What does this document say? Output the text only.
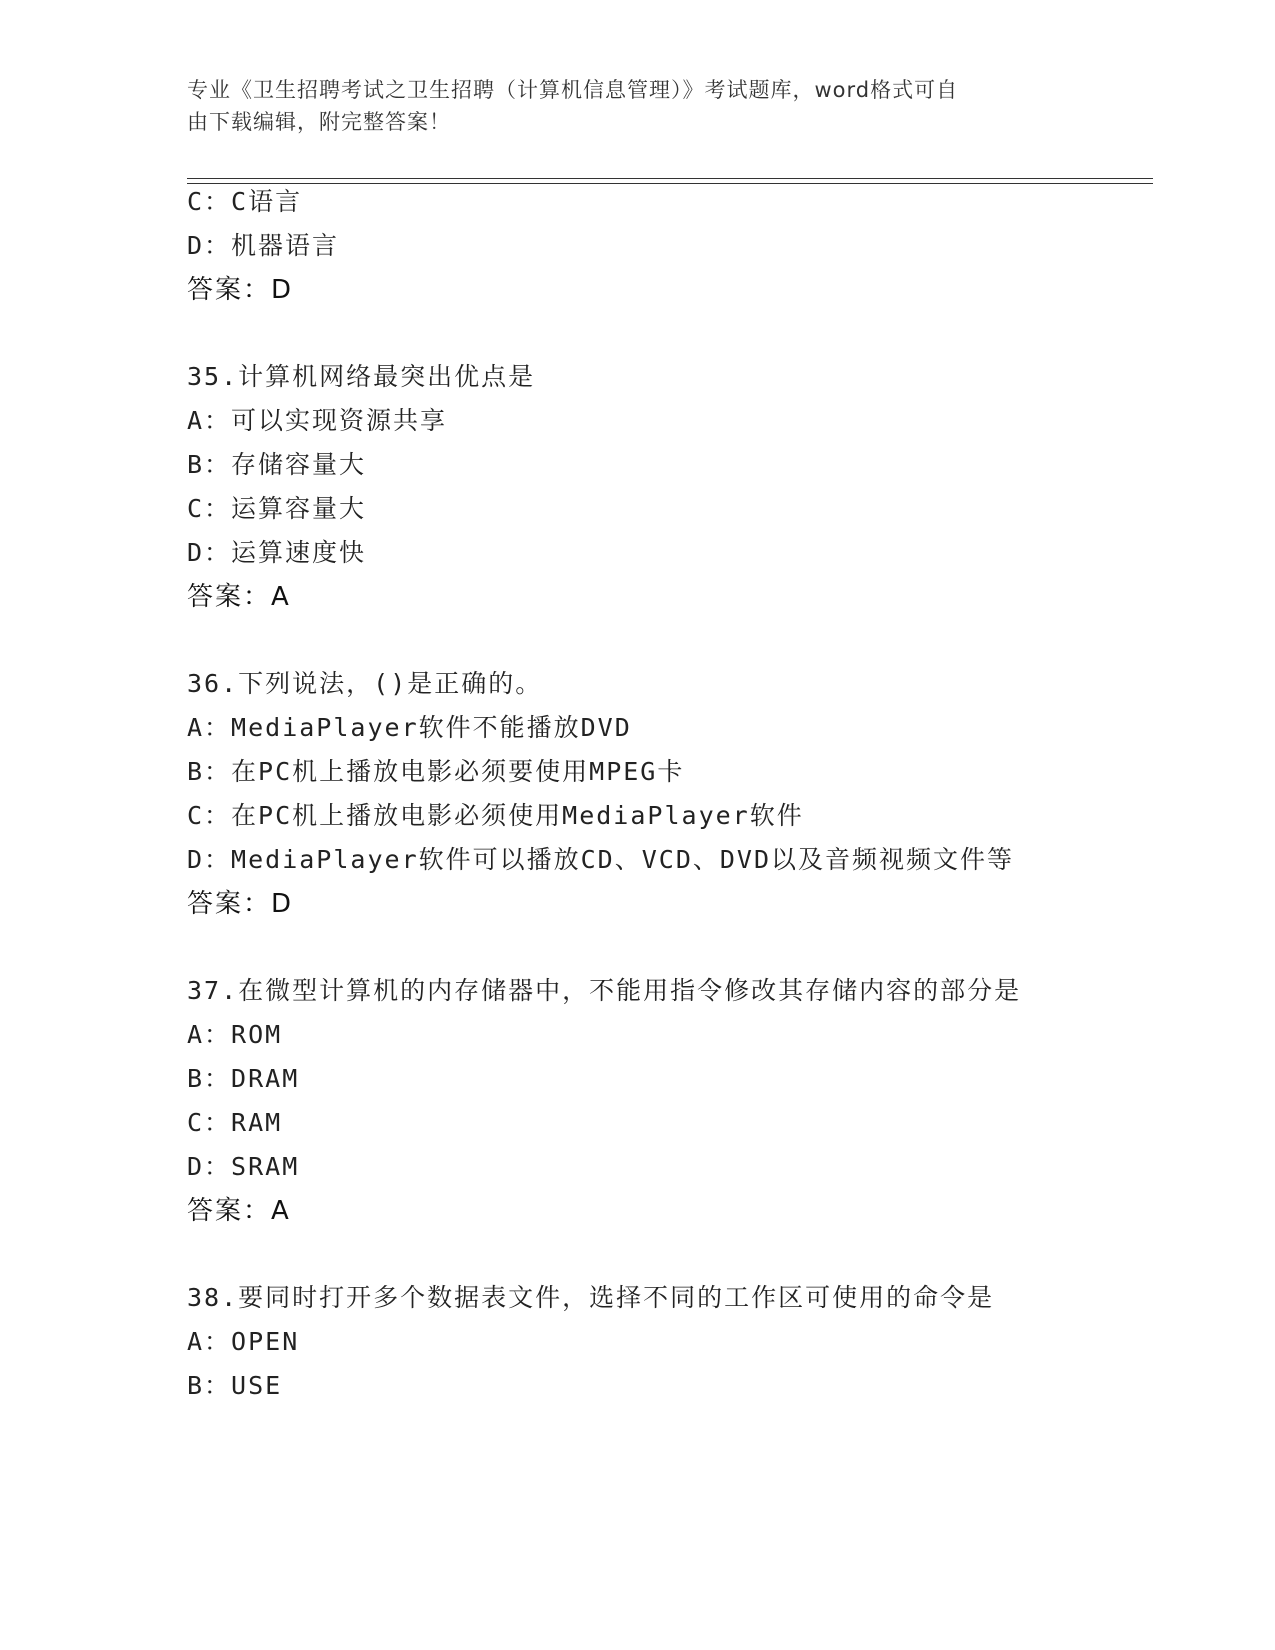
专业《卫生招聘考试之卫生招聘（计算机信息管理）》考试题库，word格式可自
由下载编辑，附完整答案！
C：C语言
D：机器语言
答案：D
35.计算机网络最突出优点是
A：可以实现资源共享
B：存储容量大
C：运算容量大
D：运算速度快
答案：A
36.下列说法，()是正确的。
A：MediaPlayer软件不能播放DVD
B：在PC机上播放电影必须要使用MPEG卡
C：在PC机上播放电影必须使用MediaPlayer软件
D：MediaPlayer软件可以播放CD、VCD、DVD以及音频视频文件等
答案：D
37.在微型计算机的内存储器中，不能用指令修改其存储内容的部分是
A：ROM
B：DRAM
C：RAM
D：SRAM
答案：A
38.要同时打开多个数据表文件，选择不同的工作区可使用的命令是
A：OPEN
B：USE
